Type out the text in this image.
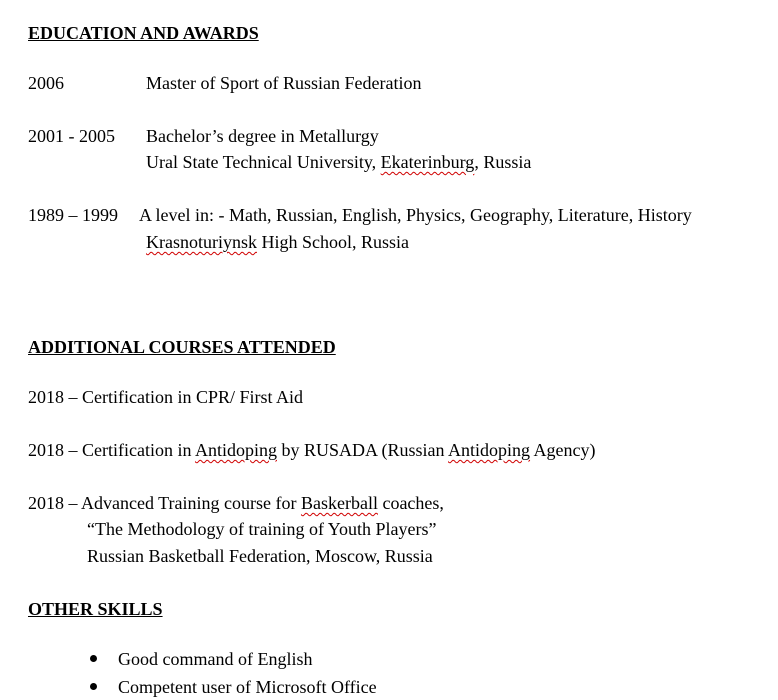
EDUCATION AND AWARDS
2006	Master of Sport of Russian Federation
2001 - 2005 Bachelor’s degree in Metallurgy
Ural State Technical University, Ekaterinburg, Russia
1989 – 1999 A level in: - Math, Russian, English, Physics, Geography, Literature, History
Krasnoturiynsk High School, Russia
ADDITIONAL COURSES ATTENDED
2018 – Certification in CPR/ First Aid
2018 – Certification in Antidoping by RUSADA (Russian Antidoping Agency)
2018 – Advanced Training course for Baskerball coaches,
“The Methodology of training of Youth Players”
Russian Basketball Federation, Moscow, Russia
OTHER SKILLS
Good command of English
Competent user of Microsoft Office
